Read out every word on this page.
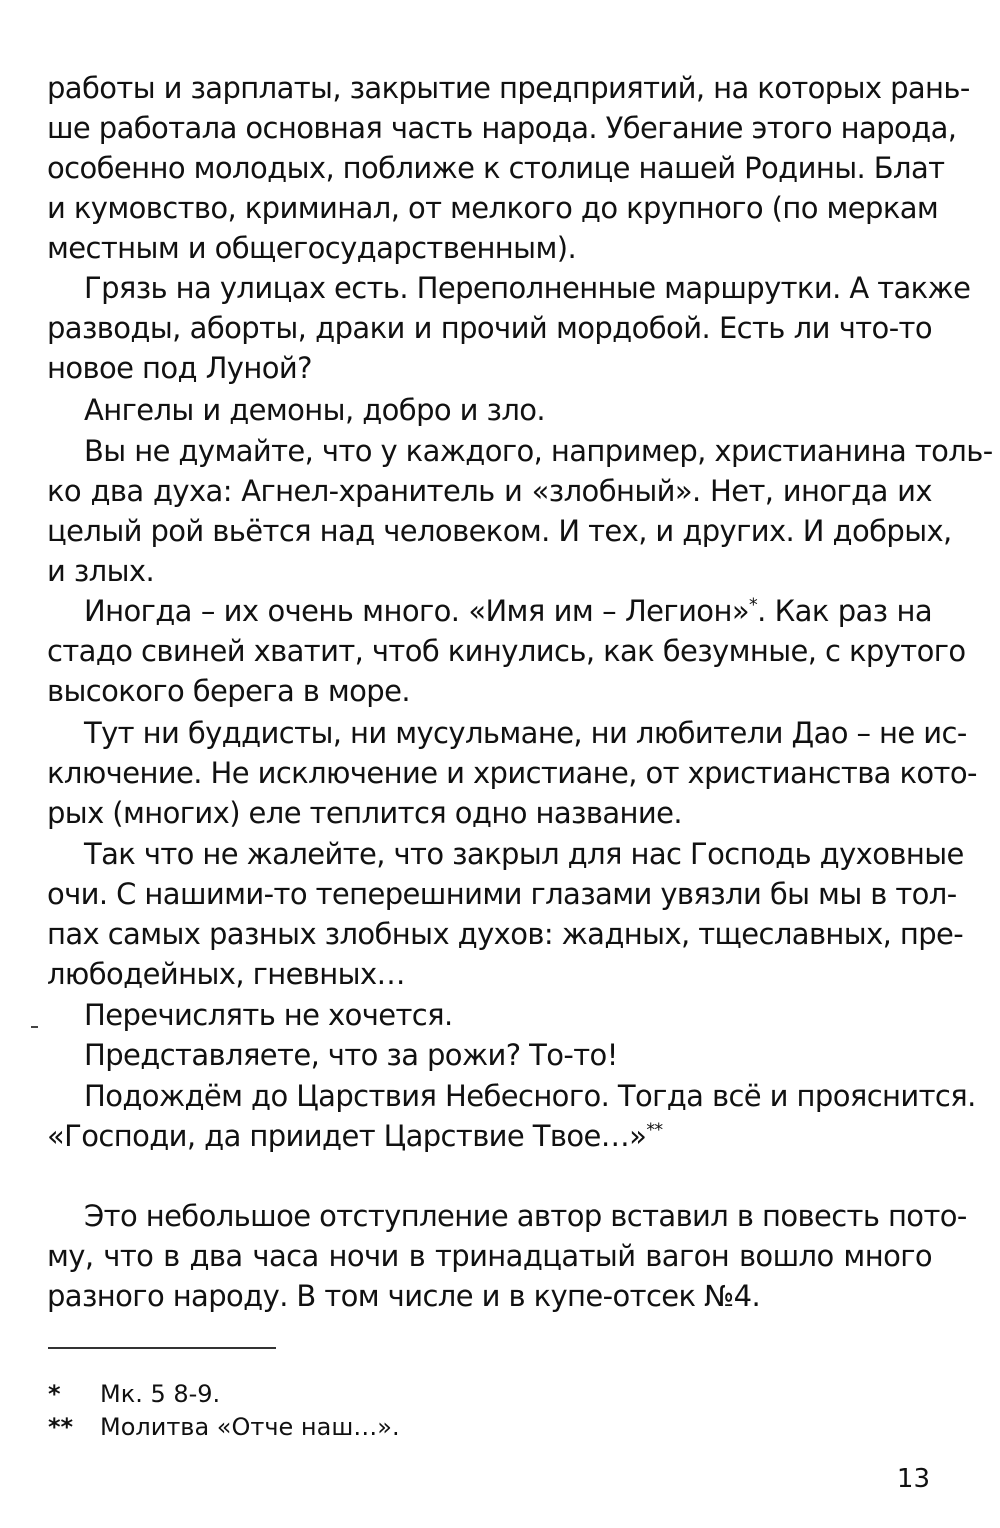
работы и зарплаты, закрытие предприятий, на которых рань-
ше работала основная часть народа. Убегание этого народа,
особенно молодых, поближе к столице нашей Родины. Блат
и кумовство, криминал, от мелкого до крупного (по меркам
местным и общегосударственным).
Грязь на улицах есть. Переполненные маршрутки. А также
разводы, аборты, драки и прочий мордобой. Есть ли что-то
новое под Луной?
Ангелы и демоны, добро и зло.
Вы не думайте, что у каждого, например, христианина толь-
ко два духа: Агнел-хранитель и «злобный». Нет, иногда их
целый рой вьётся над человеком. И тех, и других. И добрых,
и злых.
Иногда – их очень много. «Имя им – Легион»*. Как раз на
стадо свиней хватит, чтоб кинулись, как безумные, с крутого
высокого берега в море.
Тут ни буддисты, ни мусульмане, ни любители Дао – не ис-
ключение. Не исключение и христиане, от христианства кото-
рых (многих) еле теплится одно название.
Так что не жалейте, что закрыл для нас Господь духовные
очи. С нашими-то теперешними глазами увязли бы мы в тол-
пах самых разных злобных духов: жадных, тщеславных, пре-
любодейных, гневных…
Перечислять не хочется.
Представляете, что за рожи? То-то!
Подождём до Царствия Небесного. Тогда всё и прояснится.
«Господи, да приидет Царствие Твое…»**
Это небольшое отступление автор вставил в повесть пото-
му, что в два часа ночи в тринадцатый вагон вошло много
разного народу. В том числе и в купе-отсек №4.
* Мк. 5 8-9.
** Молитва «Отче наш…».
13
